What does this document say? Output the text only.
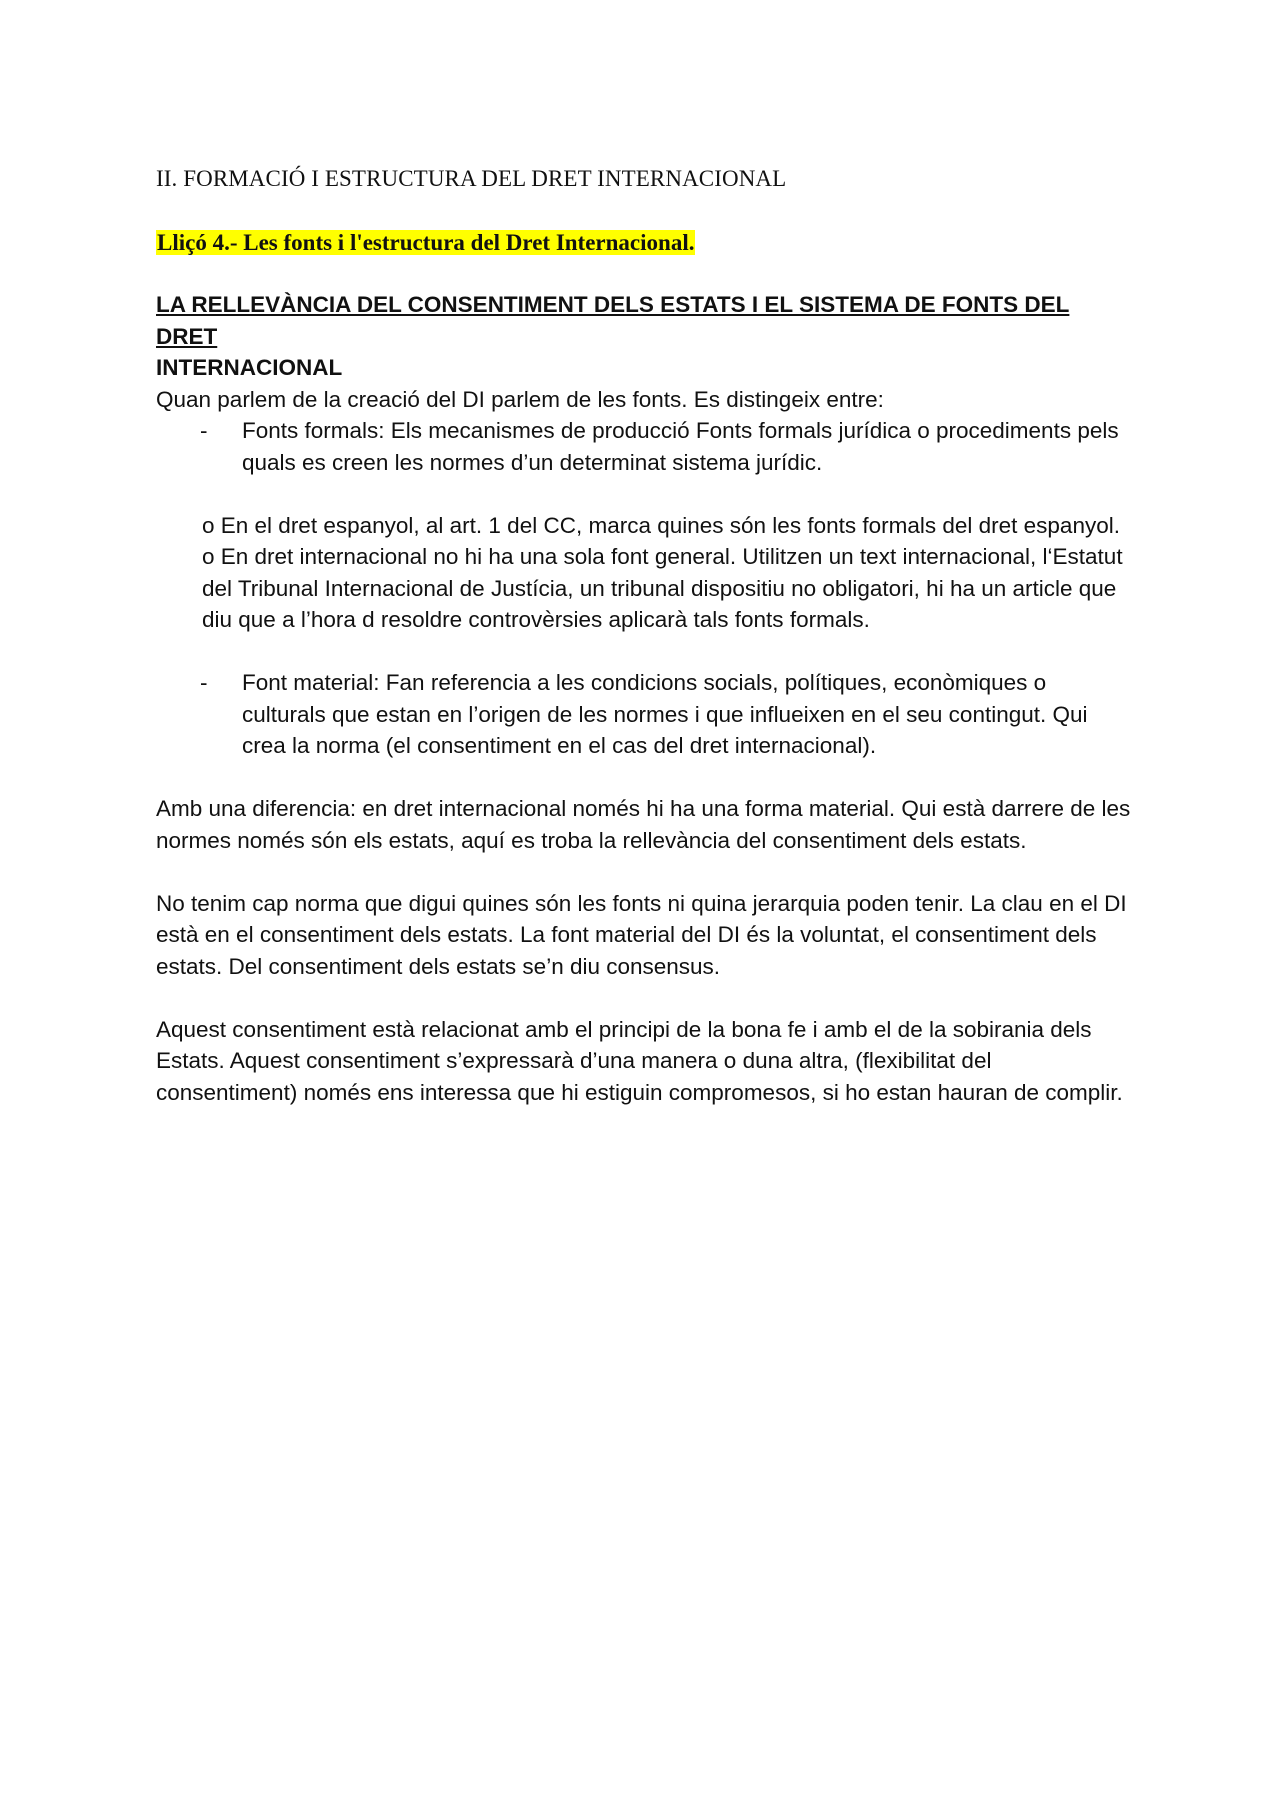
II. FORMACIÓ I ESTRUCTURA DEL DRET INTERNACIONAL
Lliçó 4.- Les fonts i l'estructura del Dret Internacional.
LA RELLEVÀNCIA DEL CONSENTIMENT DELS ESTATS I EL SISTEMA DE FONTS DEL DRET
INTERNACIONAL

Quan parlem de la creació del DI parlem de les fonts. Es distingeix entre:

- Fonts formals: Els mecanismes de producció Fonts formals jurídica o procediments pels quals es creen les normes d’un determinat sistema jurídic.

o En el dret espanyol, al art. 1 del CC, marca quines són les fonts formals del dret espanyol.

o En dret internacional no hi ha una sola font general. Utilitzen un text internacional, l‘Estatut del Tribunal Internacional de Justícia, un tribunal dispositiu no obligatori, hi ha un article que diu que a l’hora d resoldre controvèrsies aplicarà tals fonts formals.

- Font material: Fan referencia a les condicions socials, polítiques, econòmiques o culturals que estan en l’origen de les normes i que influeixen en el seu contingut. Qui crea la norma (el consentiment en el cas del dret internacional).

Amb una diferencia: en dret internacional només hi ha una forma material. Qui està darrere de les normes només són els estats, aquí es troba la rellevància del consentiment dels estats.

No tenim cap norma que digui quines són les fonts ni quina jerarquia poden tenir. La clau en el DI està en el consentiment dels estats. La font material del DI és la voluntat, el consentiment dels estats. Del consentiment dels estats se’n diu consensus.

Aquest consentiment està relacionat amb el principi de la bona fe i amb el de la sobirania dels Estats. Aquest consentiment s’expressarà d’una manera o duna altra, (flexibilitat del consentiment) només ens interessa que hi estiguin compromesos, si ho estan hauran de complir.
